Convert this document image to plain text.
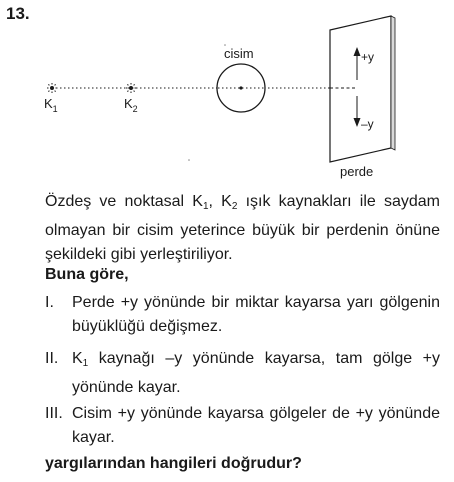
13.
cisim
$K_1$	$K_2$
+y
–y
perde
Özdeş ve noktasal $K_1$, $K_2$ ışık kaynakları ile saydam olmayan bir cisim yeterince büyük bir perdenin önüne şekildeki gibi yerleştiriliyor.
Buna göre,
I. Perde +y yönünde bir miktar kayarsa yarı gölgenin büyüklüğü değişmez.
II. $K_1$ kaynağı –y yönünde kayarsa, tam gölge +y yönünde kayar.
III. Cisim +y yönünde kayarsa gölgeler de +y yönünde kayar.
yargılarından hangileri doğrudur?
